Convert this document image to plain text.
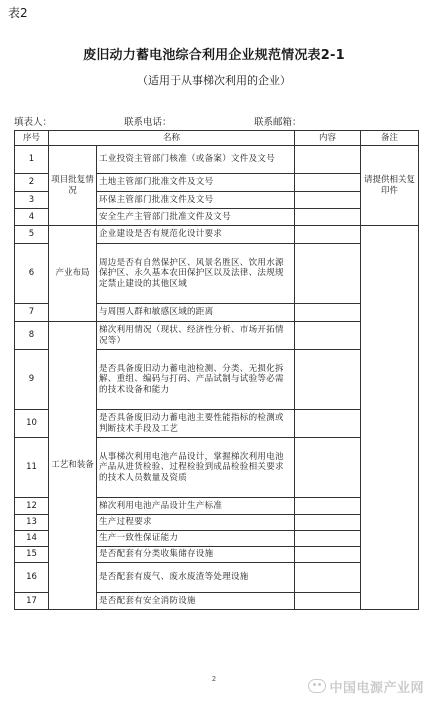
表2
废旧动力蓄电池综合利用企业规范情况表2-1
（适用于从事梯次利用的企业）
填表人：	联系电话：	联系邮箱：
序号	名称		内容	备注
1	项目批复情况	工业投资主管部门核准（或备案）文件及文号		请提供相关复印件
2		土地主管部门批准文件及文号		
3		环保主管部门批准文件及文号		
4		安全生产主管部门批准文件及文号		
5	产业布局	企业建设是否有规范化设计要求		
6		周边是否有自然保护区、风景名胜区、饮用水源保护区、永久基本农田保护区以及法律、法规规定禁止建设的其他区域		
7		与周围人群和敏感区域的距离		
8	工艺和装备	梯次利用情况（现状、经济性分析、市场开拓情况等）		
9		是否具备废旧动力蓄电池检测、分类、无损化拆解、重组、编码与打码、产品试制与试验等必需的技术设备和能力		
10		是否具备废旧动力蓄电池主要性能指标的检测或判断技术手段及工艺		
11		从事梯次利用电池产品设计，掌握梯次利用电池产品从进货检验、过程检验到成品检验相关要求的技术人员数量及资质		
12		梯次利用电池产品设计生产标准		
13		生产过程要求		
14		生产一致性保证能力		
15		是否配套有分类收集储存设施		
16		是否配套有废气、废水废渣等处理设施		
17		是否配套有安全消防设施		
2
中国电源产业网
